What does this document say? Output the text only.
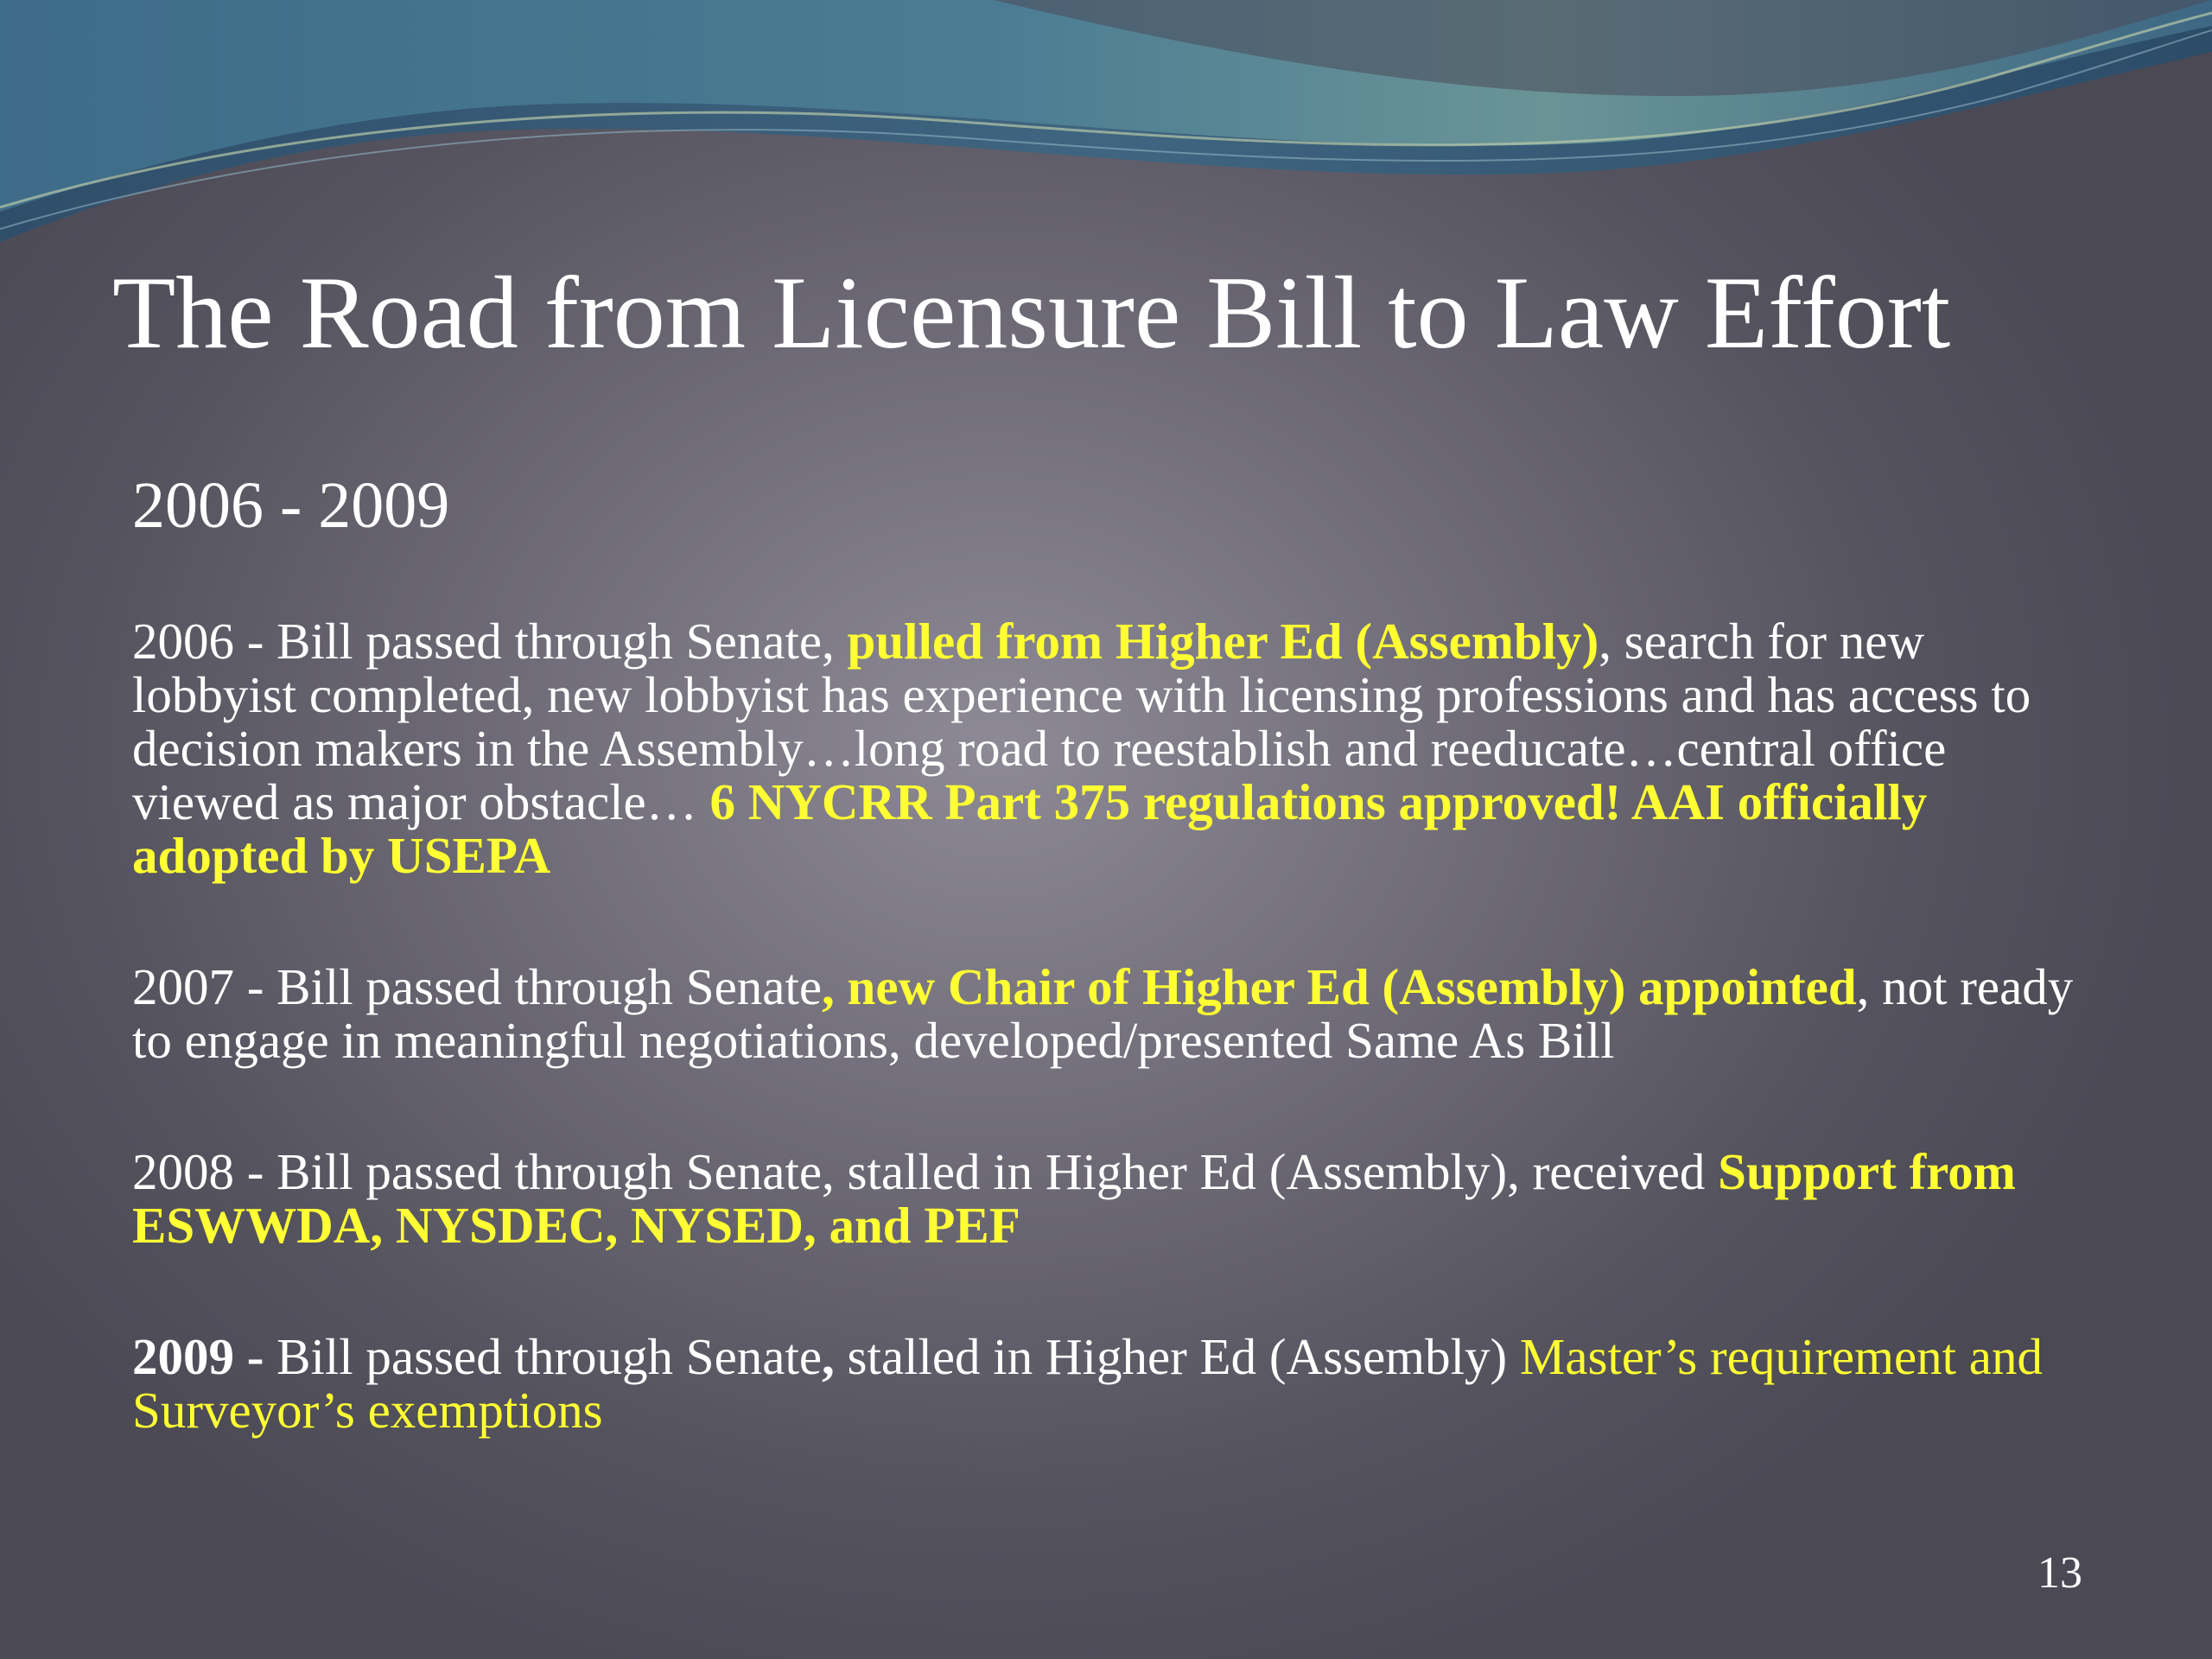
The Road from Licensure Bill to Law Effort
2006 - 2009

2006 - Bill passed through Senate, pulled from Higher Ed (Assembly), search for new lobbyist completed, new lobbyist has experience with licensing professions and has access to decision makers in the Assembly…long road to reestablish and reeducate…central office viewed as major obstacle… 6 NYCRR Part 375 regulations approved! AAI officially adopted by USEPA

2007 - Bill passed through Senate, new Chair of Higher Ed (Assembly) appointed, not ready to engage in meaningful negotiations, developed/presented Same As Bill

2008 - Bill passed through Senate, stalled in Higher Ed (Assembly), received Support from ESWWDA, NYSDEC, NYSED, and PEF

2009 - Bill passed through Senate, stalled in Higher Ed (Assembly) Master’s requirement and Surveyor’s exemptions

13
